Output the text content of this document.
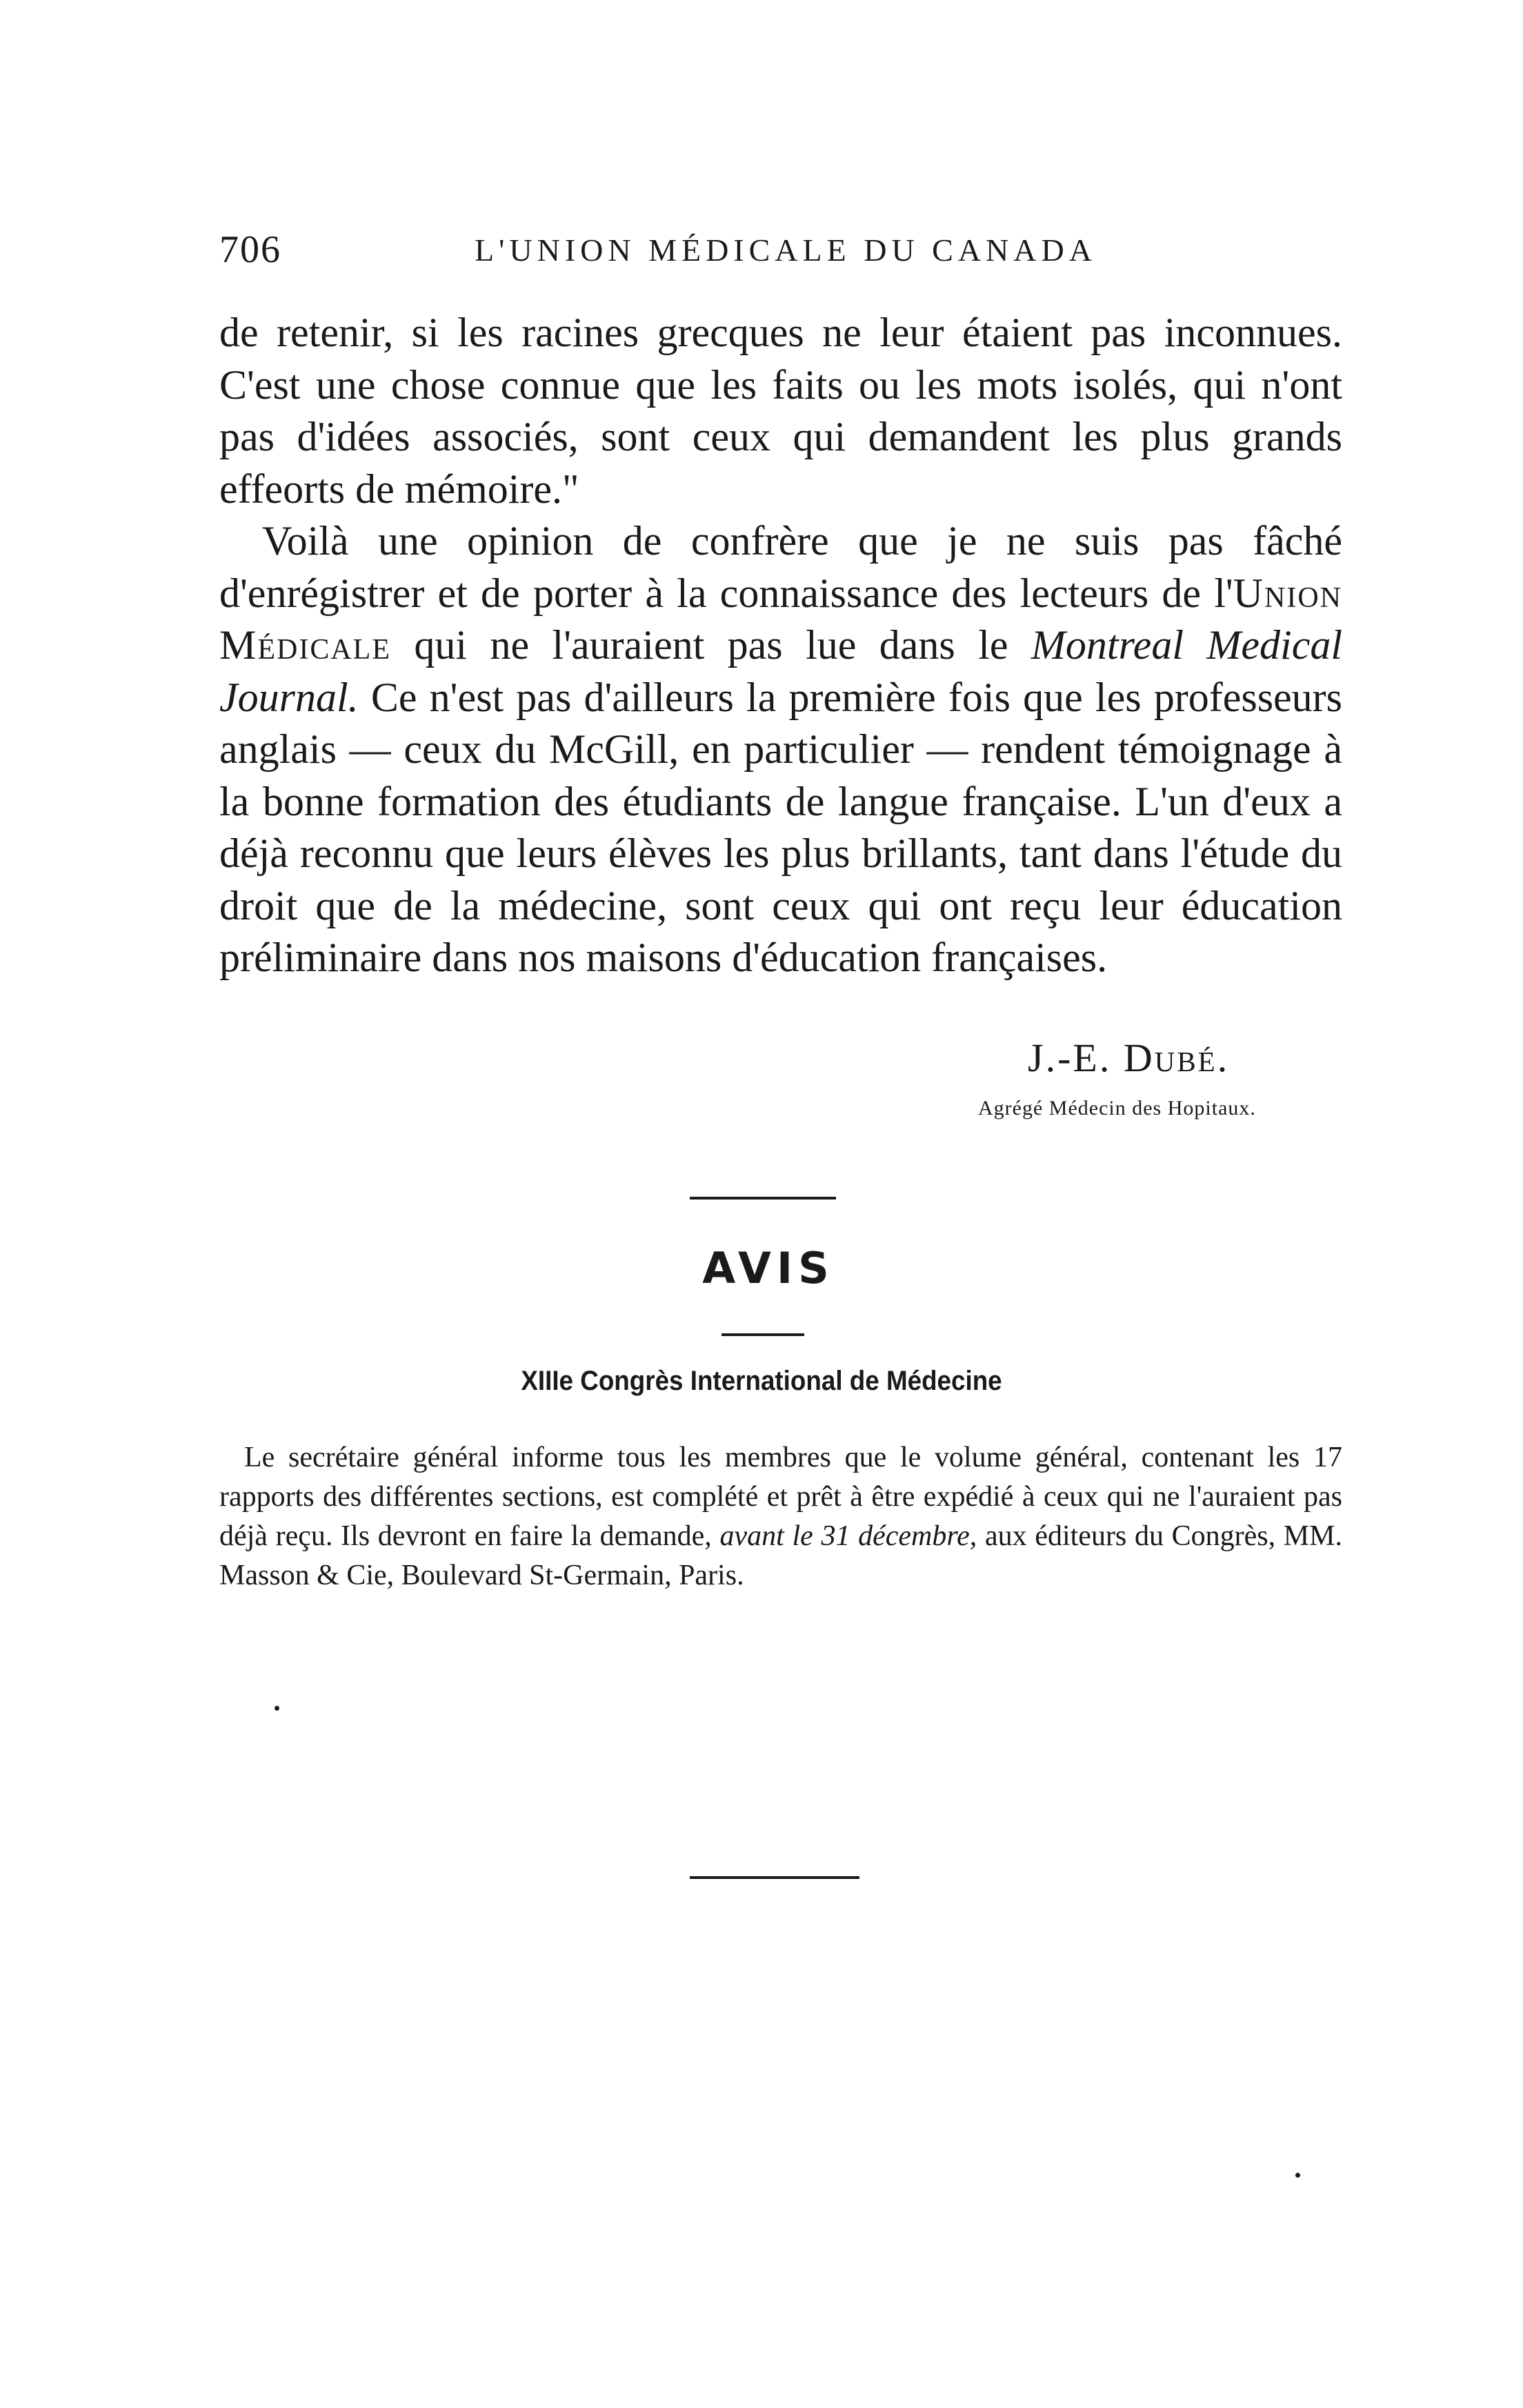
706	L'UNION MÉDICALE DU CANADA

de retenir, si les racines grecques ne leur étaient pas inconnues. C'est une chose connue que les faits ou les mots isolés, qui n'ont pas d'idées associés, sont ceux qui demandent les plus grands effeorts de mémoire."

Voilà une opinion de confrère que je ne suis pas fâché d'enrégistrer et de porter à la connaissance des lecteurs de l'Union Médicale qui ne l'auraient pas lue dans le Montreal Medical Journal. Ce n'est pas d'ailleurs la première fois que les professeurs anglais — ceux du McGill, en particulier — rendent témoignage à la bonne formation des étudiants de langue française. L'un d'eux a déjà reconnu que leurs élèves les plus brillants, tant dans l'étude du droit que de la médecine, sont ceux qui ont reçu leur éducation préliminaire dans nos maisons d'éducation françaises.

J.-E. Dubé.
Agrégé Médecin des Hopitaux.
AVIS
XIIIe Congrès International de Médecine

Le secrétaire général informe tous les membres que le volume général, contenant les 17 rapports des différentes sections, est complété et prêt à être expédié à ceux qui ne l'auraient pas déjà reçu. Ils devront en faire la demande, avant le 31 décembre, aux éditeurs du Congrès, MM. Masson & Cie, Boulevard St-Germain, Paris.
